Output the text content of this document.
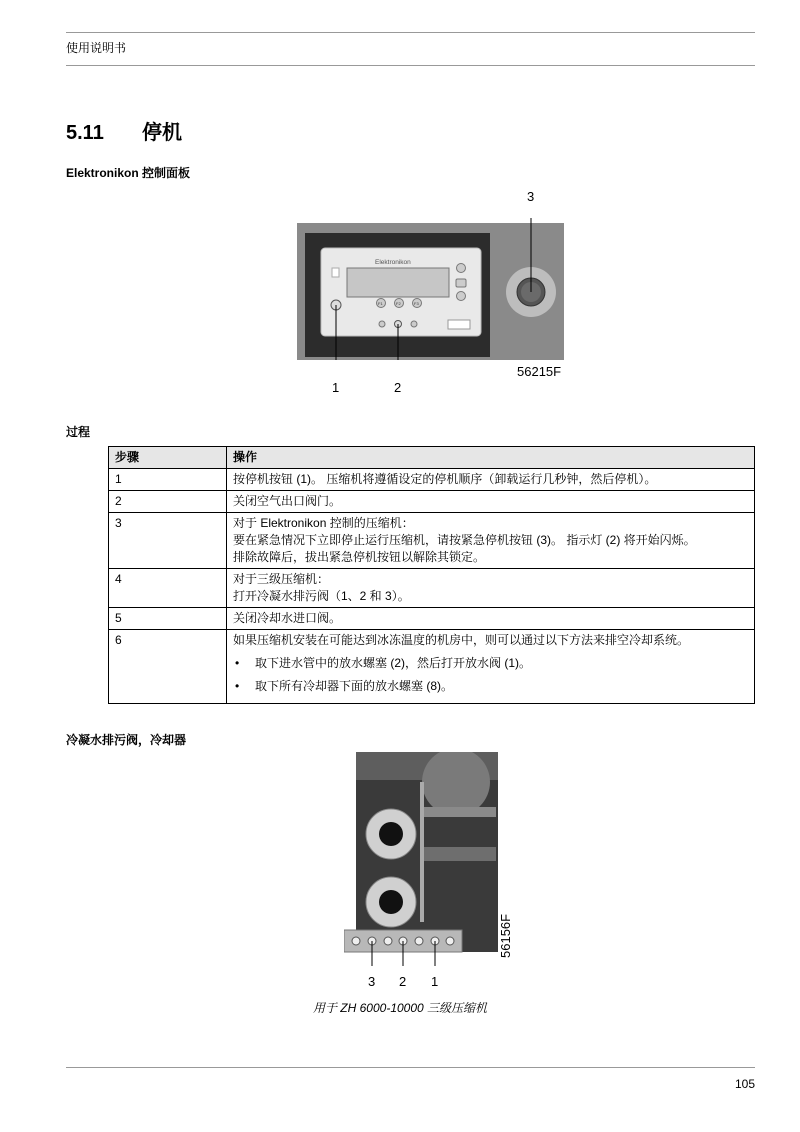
使用说明书
5.11 停机
Elektronikon 控制面板
Elektronikon
F1	F2	F3
3
1	2
56215F
过程
步骤	操作
1	按停机按钮 (1)。 压缩机将遵循设定的停机顺序（卸载运行几秒钟，然后停机）。
2	关闭空气出口阀门。
3	对于 Elektronikon 控制的压缩机：
要在紧急情况下立即停止运行压缩机，请按紧急停机按钮 (3)。 指示灯 (2) 将开始闪烁。
排除故障后，拔出紧急停机按钮以解除其锁定。

4	对于三级压缩机：
打开冷凝水排污阀（1、2 和 3）。

5	关闭冷却水进口阀。
6	如果压缩机安装在可能达到冰冻温度的机房中，则可以通过以下方法来排空冷却系统。
• 取下进水管中的放水螺塞 (2)，然后打开放水阀 (1)。
• 取下所有冷却器下面的放水螺塞 (8)。
冷凝水排污阀，冷却器
56156F
3 2 1
用于 ZH 6000-10000 三级压缩机
105
